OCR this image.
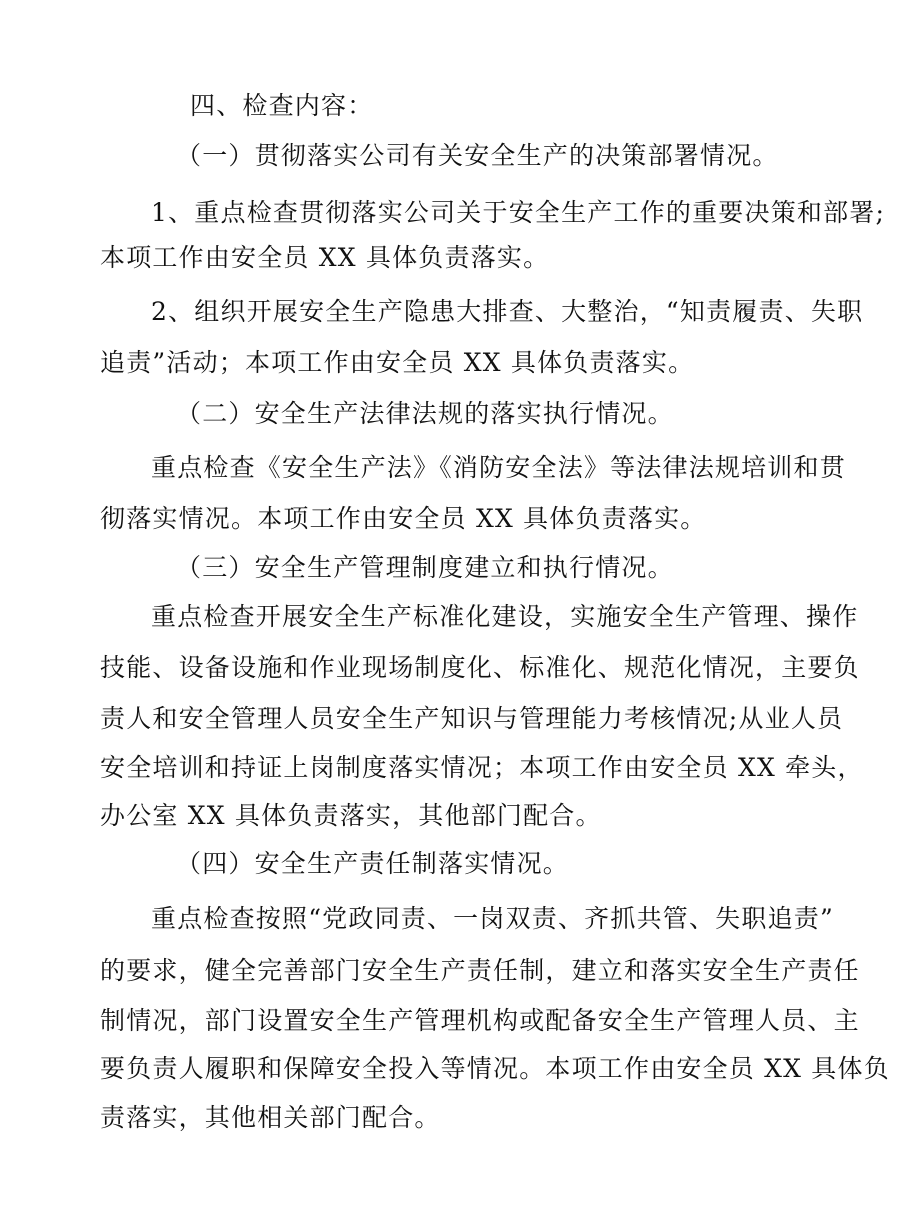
四、检查内容：
（一）贯彻落实公司有关安全生产的决策部署情况。
1、重点检查贯彻落实公司关于安全生产工作的重要决策和部署;
本项工作由安全员 XX 具体负责落实。
2、组织开展安全生产隐患大排查、大整治，“知责履责、失职
追责”活动；本项工作由安全员 XX 具体负责落实。
（二）安全生产法律法规的落实执行情况。
重点检查《安全生产法》《消防安全法》等法律法规培训和贯
彻落实情况。本项工作由安全员 XX 具体负责落实。
（三）安全生产管理制度建立和执行情况。
重点检查开展安全生产标准化建设，实施安全生产管理、操作
技能、设备设施和作业现场制度化、标准化、规范化情况，主要负
责人和安全管理人员安全生产知识与管理能力考核情况;从业人员
安全培训和持证上岗制度落实情况；本项工作由安全员 XX 牵头，
办公室 XX 具体负责落实，其他部门配合。
（四）安全生产责任制落实情况。
重点检查按照“党政同责、一岗双责、齐抓共管、失职追责”
的要求，健全完善部门安全生产责任制，建立和落实安全生产责任
制情况，部门设置安全生产管理机构或配备安全生产管理人员、主
要负责人履职和保障安全投入等情况。本项工作由安全员 XX 具体负
责落实，其他相关部门配合。
